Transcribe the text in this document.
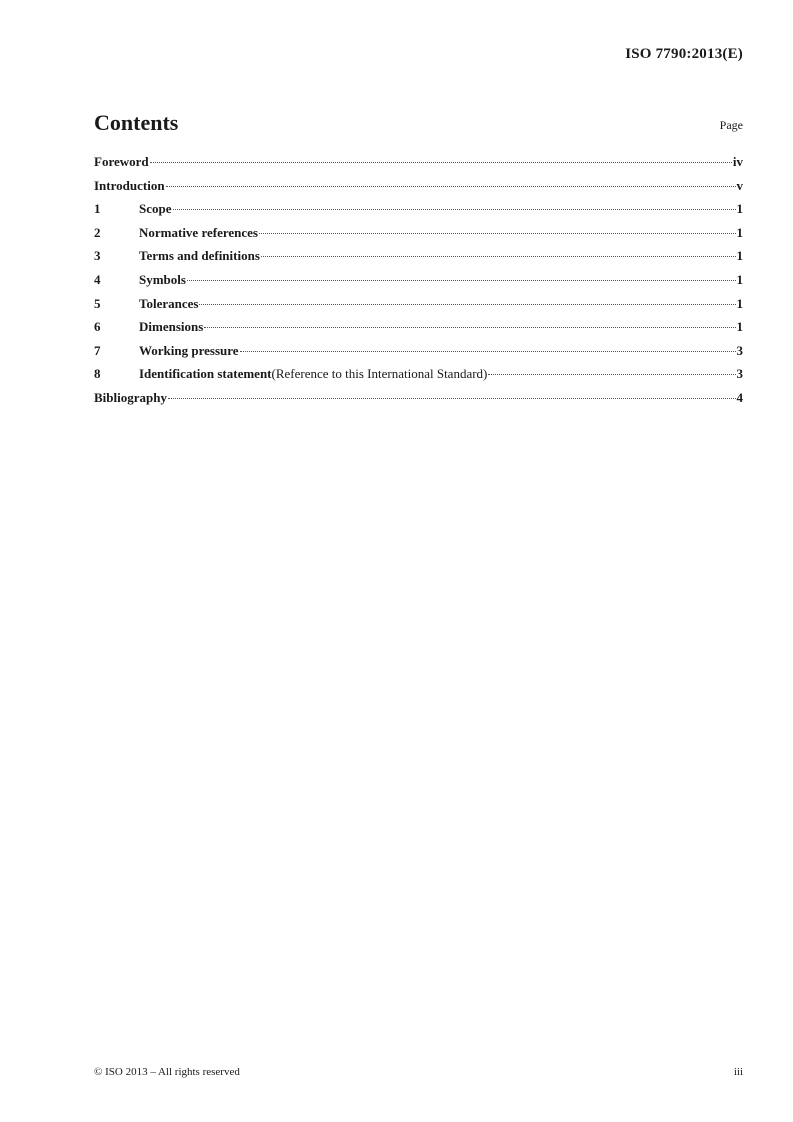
ISO 7790:2013(E)
Contents	Page
Foreword	iv
Introduction	v
1	Scope	1
2	Normative references	1
3	Terms and definitions	1
4	Symbols	1
5	Tolerances	1
6	Dimensions	1
7	Working pressure	3
8	Identification statement (Reference to this International Standard)	3
Bibliography	4
© ISO 2013 – All rights reserved	iii
